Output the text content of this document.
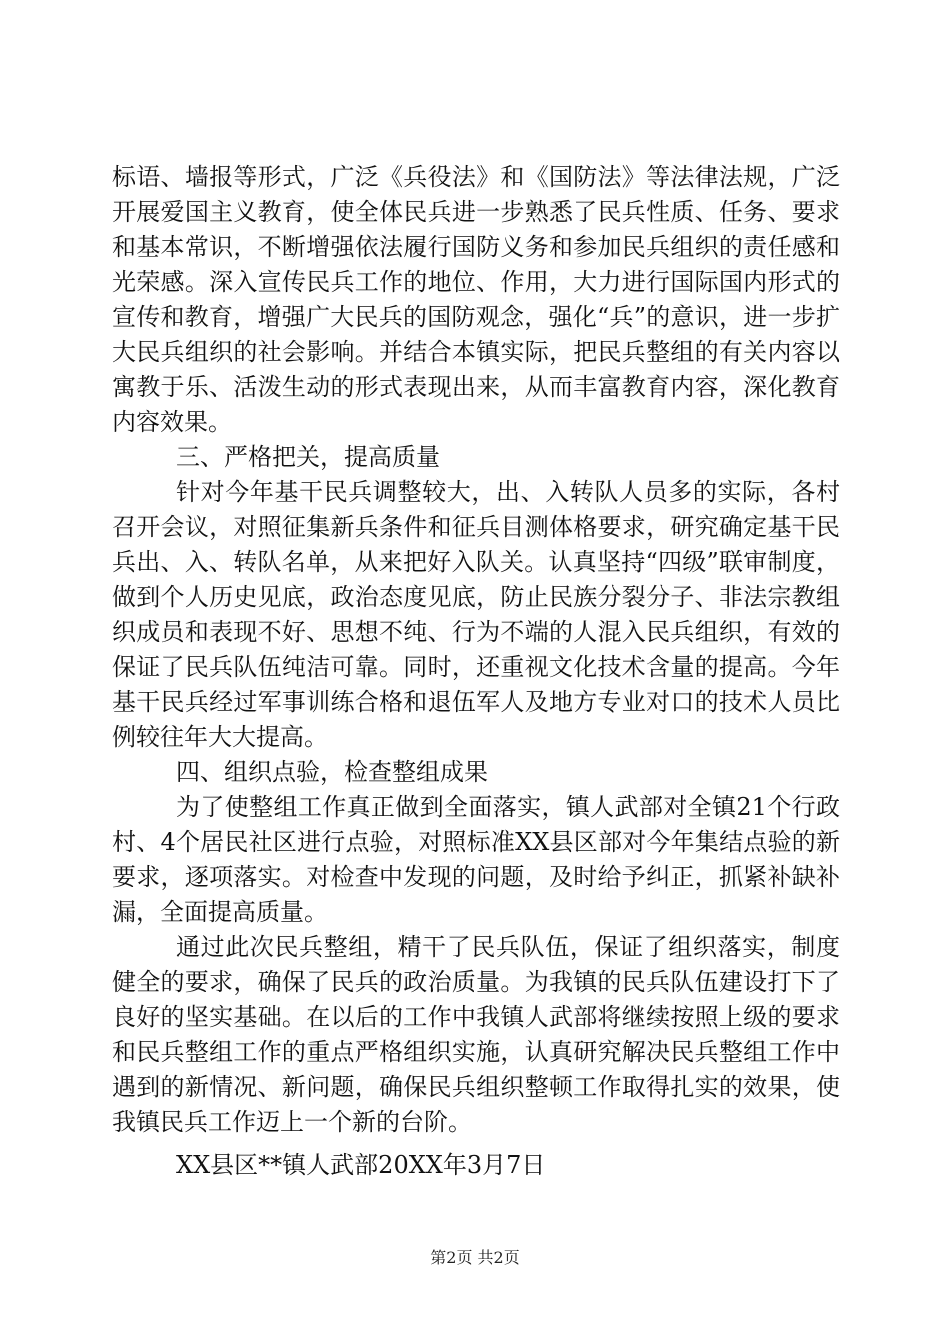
标语、墙报等形式，广泛《兵役法》和《国防法》等法律法规，广泛开展爱国主义教育，使全体民兵进一步熟悉了民兵性质、任务、要求和基本常识，不断增强依法履行国防义务和参加民兵组织的责任感和光荣感。深入宣传民兵工作的地位、作用，大力进行国际国内形式的宣传和教育，增强广大民兵的国防观念，强化“兵”的意识，进一步扩大民兵组织的社会影响。并结合本镇实际，把民兵整组的有关内容以寓教于乐、活泼生动的形式表现出来，从而丰富教育内容，深化教育内容效果。

三、严格把关，提高质量

针对今年基干民兵调整较大，出、入转队人员多的实际，各村召开会议，对照征集新兵条件和征兵目测体格要求，研究确定基干民兵出、入、转队名单，从来把好入队关。认真坚持“四级”联审制度，做到个人历史见底，政治态度见底，防止民族分裂分子、非法宗教组织成员和表现不好、思想不纯、行为不端的人混入民兵组织，有效的保证了民兵队伍纯洁可靠。同时，还重视文化技术含量的提高。今年基干民兵经过军事训练合格和退伍军人及地方专业对口的技术人员比例较往年大大提高。

四、组织点验，检查整组成果

为了使整组工作真正做到全面落实，镇人武部对全镇21个行政村、4个居民社区进行点验，对照标准XX县区部对今年集结点验的新要求，逐项落实。对检查中发现的问题，及时给予纠正，抓紧补缺补漏，全面提高质量。

通过此次民兵整组，精干了民兵队伍，保证了组织落实，制度健全的要求，确保了民兵的政治质量。为我镇的民兵队伍建设打下了良好的坚实基础。在以后的工作中我镇人武部将继续按照上级的要求和民兵整组工作的重点严格组织实施，认真研究解决民兵整组工作中遇到的新情况、新问题，确保民兵组织整顿工作取得扎实的效果，使我镇民兵工作迈上一个新的台阶。

XX县区**镇人武部20XX年3月7日

第2页 共2页
